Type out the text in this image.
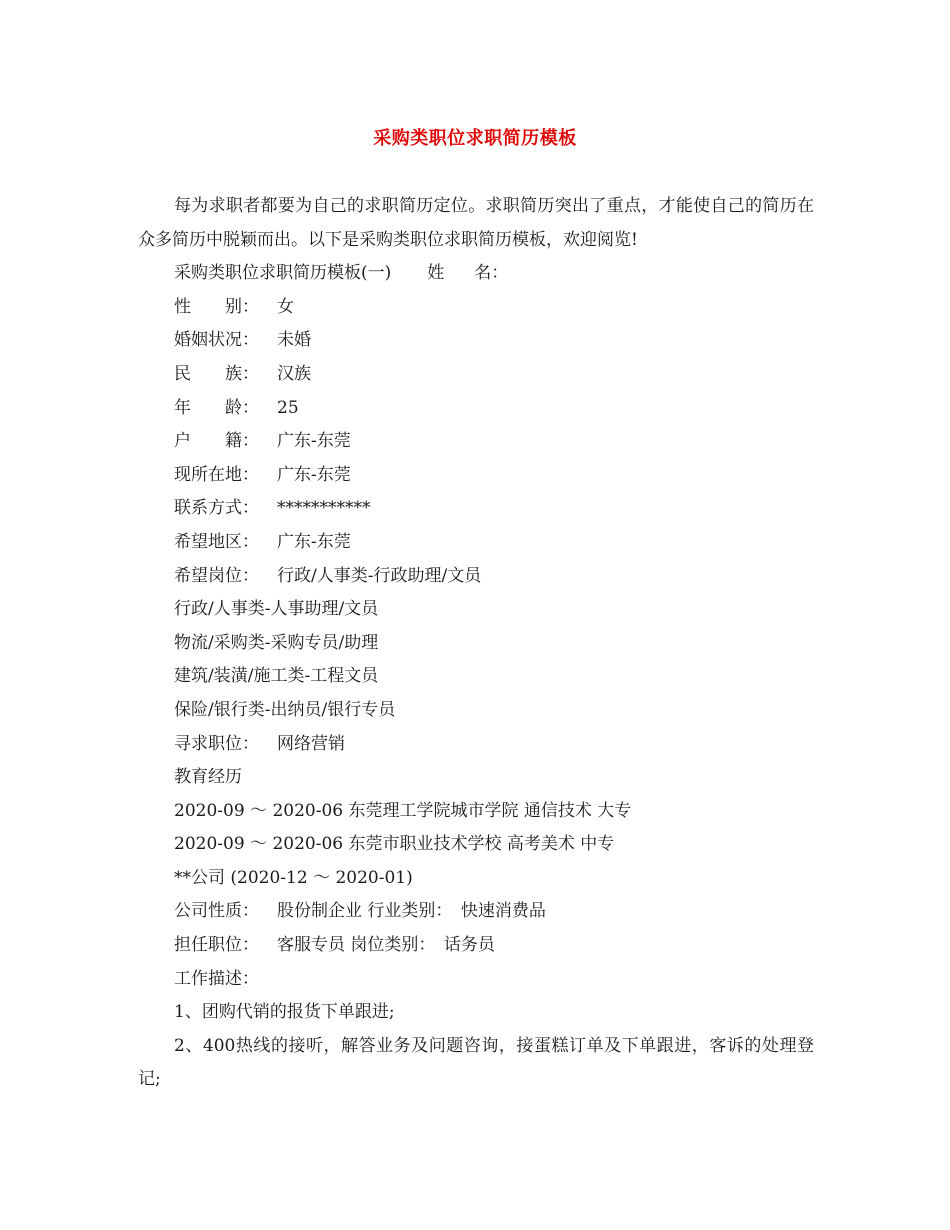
采购类职位求职简历模板

每为求职者都要为自己的求职简历定位。求职简历突出了重点，才能使自己的简历在众多简历中脱颖而出。以下是采购类职位求职简历模板，欢迎阅览!

采购类职位求职简历模板(一) 姓 名：

性　　别： 女

婚姻状况： 未婚

民　　族： 汉族

年　　龄： 25

户　　籍： 广东-东莞

现所在地： 广东-东莞

联系方式： ***********

希望地区： 广东-东莞

希望岗位： 行政/人事类-行政助理/文员

行政/人事类-人事助理/文员

物流/采购类-采购专员/助理

建筑/装潢/施工类-工程文员

保险/银行类-出纳员/银行专员

寻求职位： 网络营销

教育经历

2020-09 ～ 2020-06 东莞理工学院城市学院 通信技术 大专

2020-09 ～ 2020-06 东莞市职业技术学校 高考美术 中专

**公司 (2020-12 ～ 2020-01)

公司性质： 股份制企业 行业类别：　快速消费品

担任职位： 客服专员 岗位类别：　话务员

工作描述：

1、团购代销的报货下单跟进;

2、400热线的接听，解答业务及问题咨询，接蛋糕订单及下单跟进，客诉的处理登记;
